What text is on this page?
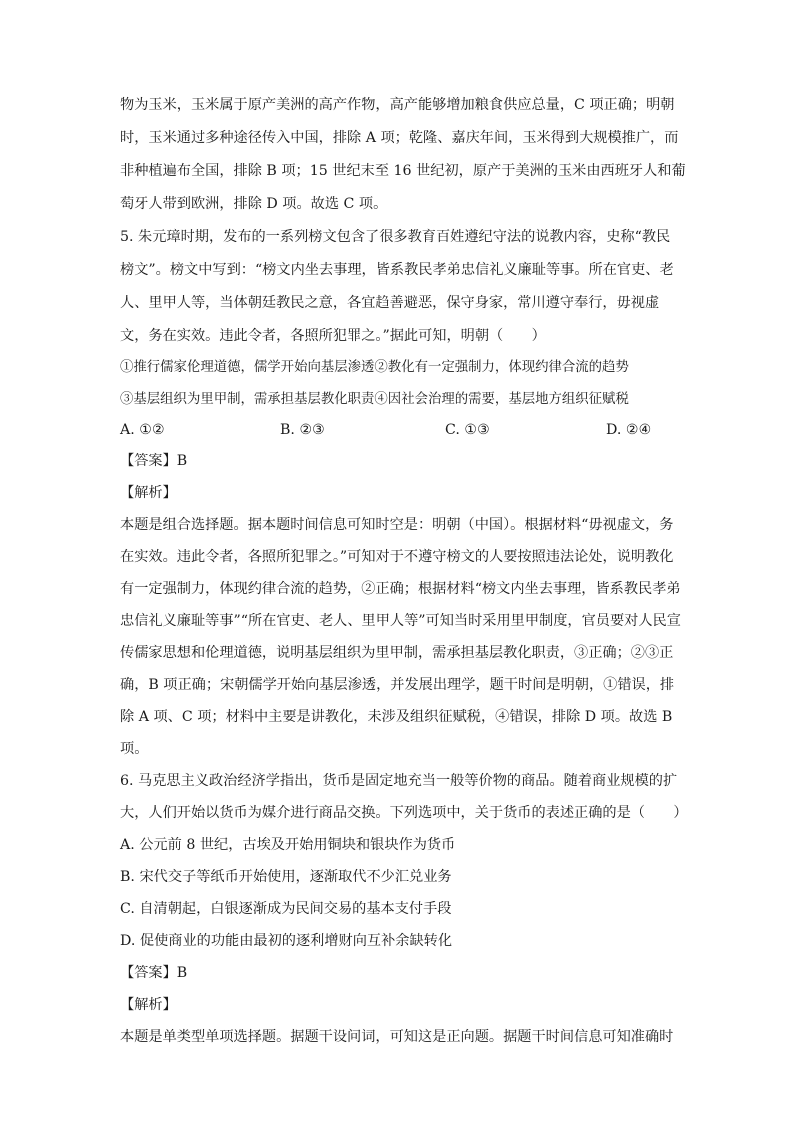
物为玉米，玉米属于原产美洲的高产作物，高产能够增加粮食供应总量，C 项正确；明朝
时，玉米通过多种途径传入中国，排除 A 项；乾隆、嘉庆年间，玉米得到大规模推广，而
非种植遍布全国，排除 B 项；15 世纪末至 16 世纪初，原产于美洲的玉米由西班牙人和葡
萄牙人带到欧洲，排除 D 项。故选 C 项。
5. 朱元璋时期，发布的一系列榜文包含了很多教育百姓遵纪守法的说教内容，史称“教民
榜文”。榜文中写到：“榜文内坐去事理，皆系教民孝弟忠信礼义廉耻等事。所在官吏、老
人、里甲人等，当体朝廷教民之意，各宜趋善避恶，保守身家，常川遵守奉行，毋视虚
文，务在实效。违此令者，各照所犯罪之。”据此可知，明朝（　　）
①推行儒家伦理道德，儒学开始向基层渗透②教化有一定强制力，体现约律合流的趋势
③基层组织为里甲制，需承担基层教化职责④因社会治理的需要，基层地方组织征赋税
A. ①②	B. ②③	C. ①③	D. ②④
【答案】B
【解析】
本题是组合选择题。据本题时间信息可知时空是：明朝（中国）。根据材料“毋视虚文，务
在实效。违此令者，各照所犯罪之。”可知对于不遵守榜文的人要按照违法论处，说明教化
有一定强制力，体现约律合流的趋势，②正确；根据材料“榜文内坐去事理，皆系教民孝弟
忠信礼义廉耻等事”“所在官吏、老人、里甲人等”可知当时采用里甲制度，官员要对人民宣
传儒家思想和伦理道德，说明基层组织为里甲制，需承担基层教化职责，③正确；②③正
确，B 项正确；宋朝儒学开始向基层渗透，并发展出理学，题干时间是明朝，①错误，排
除 A 项、C 项；材料中主要是讲教化，未涉及组织征赋税，④错误，排除 D 项。故选 B
项。
6. 马克思主义政治经济学指出，货币是固定地充当一般等价物的商品。随着商业规模的扩
大，人们开始以货币为媒介进行商品交换。下列选项中，关于货币的表述正确的是（　　）
A. 公元前 8 世纪，古埃及开始用铜块和银块作为货币
B. 宋代交子等纸币开始使用，逐渐取代不少汇兑业务
C. 自清朝起，白银逐渐成为民间交易的基本支付手段
D. 促使商业的功能由最初的逐利增财向互补余缺转化
【答案】B
【解析】
本题是单类型单项选择题。据题干设问词，可知这是正向题。据题干时间信息可知准确时
